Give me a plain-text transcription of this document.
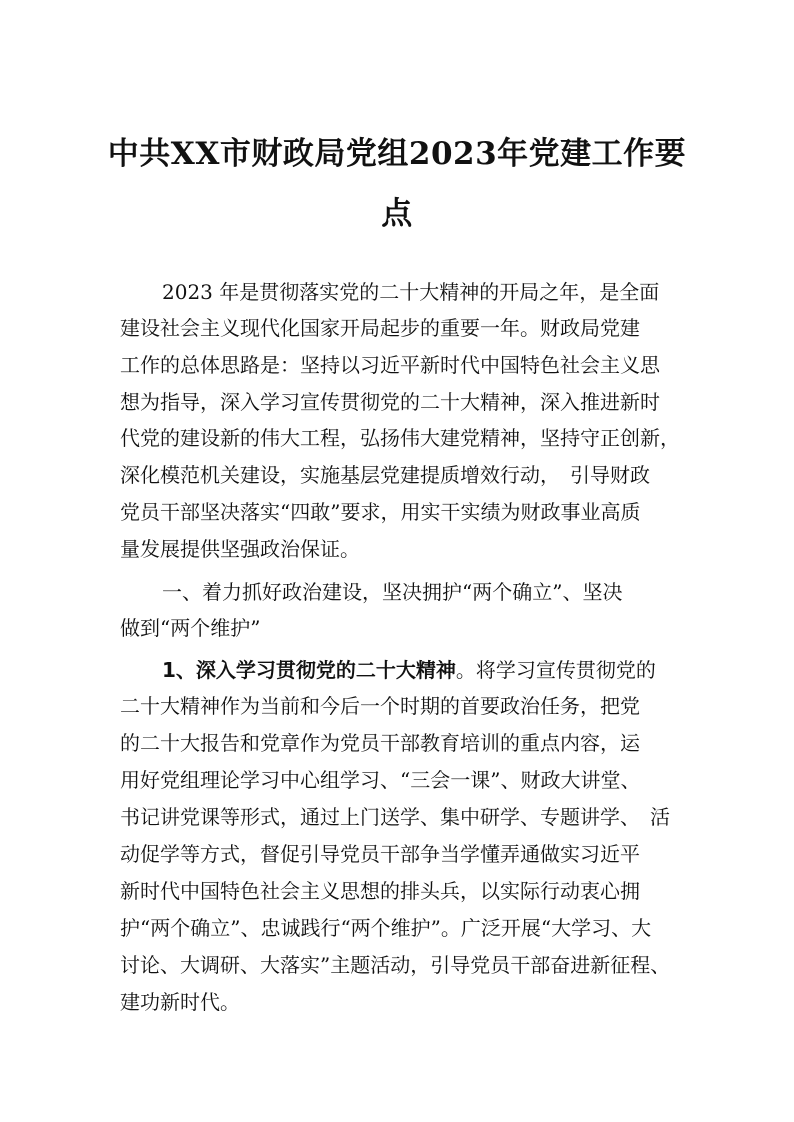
中共XX市财政局党组2023年党建工作要
点
2023 年是贯彻落实党的二十大精神的开局之年，是全面
建设社会主义现代化国家开局起步的重要一年。财政局党建
工作的总体思路是：坚持以习近平新时代中国特色社会主义思
想为指导，深入学习宣传贯彻党的二十大精神，深入推进新时
代党的建设新的伟大工程，弘扬伟大建党精神，坚持守正创新，
深化模范机关建设，实施基层党建提质增效行动，　引导财政
党员干部坚决落实“四敢”要求，用实干实绩为财政事业高质
量发展提供坚强政治保证。
一、着力抓好政治建设，坚决拥护“两个确立”、坚决
做到“两个维护”
1、深入学习贯彻党的二十大精神。将学习宣传贯彻党的
二十大精神作为当前和今后一个时期的首要政治任务，把党
的二十大报告和党章作为党员干部教育培训的重点内容，运
用好党组理论学习中心组学习、“三会一课”、财政大讲堂、
书记讲党课等形式，通过上门送学、集中研学、专题讲学、　活
动促学等方式，督促引导党员干部争当学懂弄通做实习近平
新时代中国特色社会主义思想的排头兵，以实际行动衷心拥
护“两个确立”、忠诚践行“两个维护”。广泛开展“大学习、大
讨论、大调研、大落实”主题活动，引导党员干部奋进新征程、
建功新时代。
